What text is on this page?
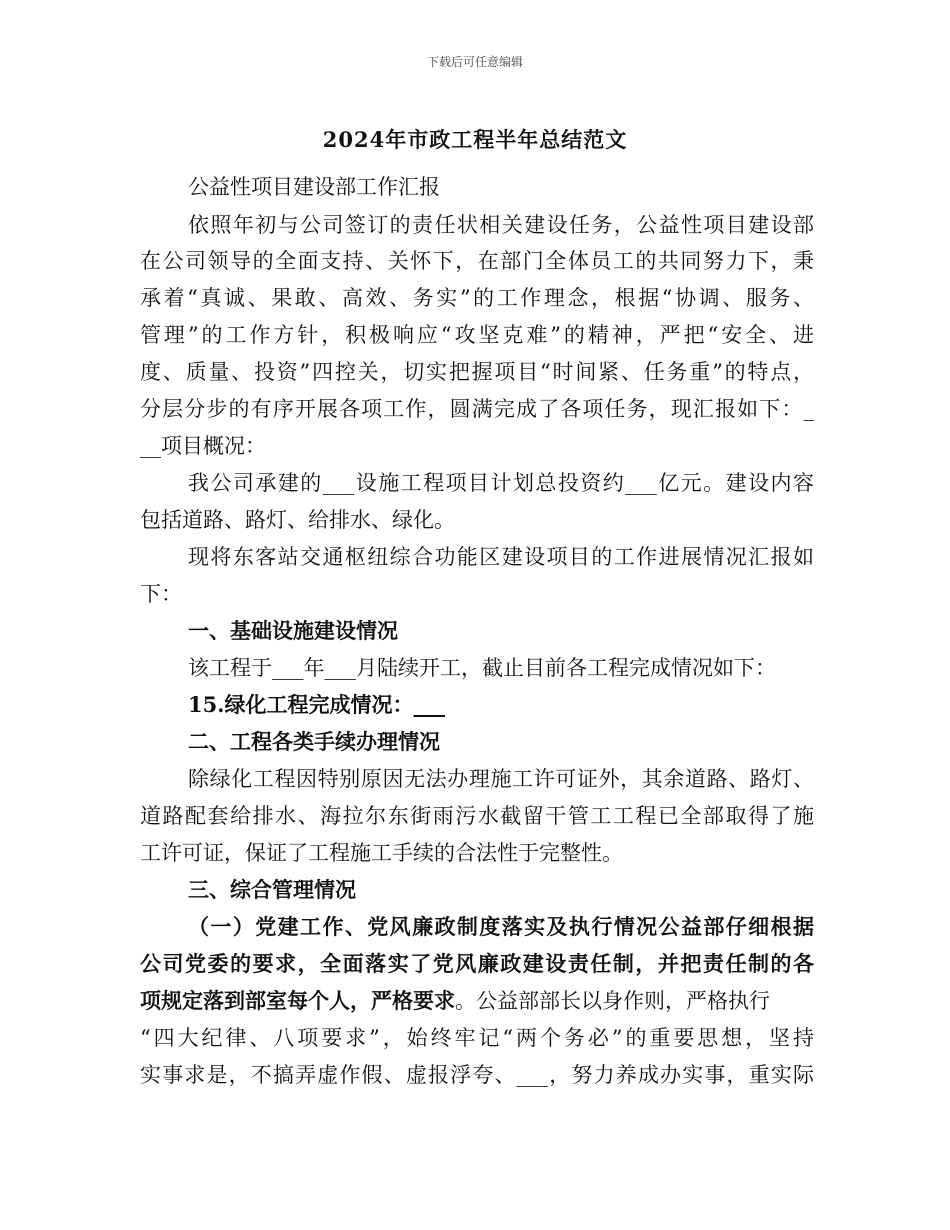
下载后可任意编辑
2024年市政工程半年总结范文
公益性项目建设部工作汇报
依照年初与公司签订的责任状相关建设任务，公益性项目建设部
在公司领导的全面支持、关怀下，在部门全体员工的共同努力下，秉
承着“真诚、果敢、高效、务实”的工作理念，根据“协调、服务、
管理”的工作方针，积极响应“攻坚克难”的精神，严把“安全、进
度、质量、投资”四控关，切实把握项目“时间紧、任务重”的特点，
分层分步的有序开展各项工作，圆满完成了各项任务，现汇报如下：_
__项目概况：
我公司承建的___设施工程项目计划总投资约___亿元。建设内容
包括道路、路灯、给排水、绿化。
现将东客站交通枢纽综合功能区建设项目的工作进展情况汇报如
下：
一、基础设施建设情况
该工程于___年___月陆续开工，截止目前各工程完成情况如下：
15.绿化工程完成情况：___
二、工程各类手续办理情况
除绿化工程因特别原因无法办理施工许可证外，其余道路、路灯、
道路配套给排水、海拉尔东街雨污水截留干管工工程已全部取得了施
工许可证，保证了工程施工手续的合法性于完整性。
三、综合管理情况
（一）党建工作、党风廉政制度落实及执行情况公益部仔细根据
公司党委的要求，全面落实了党风廉政建设责任制，并把责任制的各
项规定落到部室每个人，严格要求。公益部部长以身作则，严格执行
“四大纪律、八项要求”，始终牢记“两个务必”的重要思想，坚持
实事求是，不搞弄虚作假、虚报浮夸、___，努力养成办实事，重实际
